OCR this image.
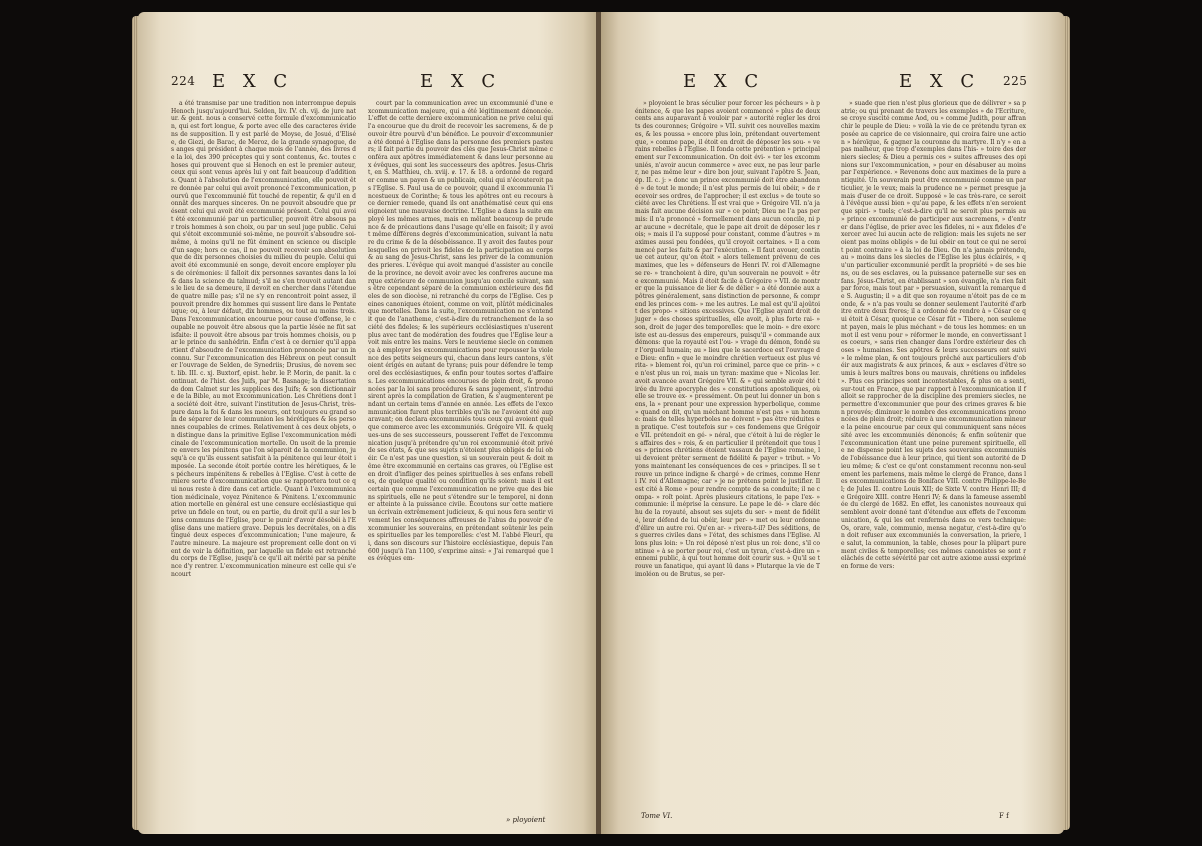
224 E X C	E X C

a été transmise par une tradition non interrompue depuis Henoch jusqu'aujourd'hui. Selden, liv. IV. ch. vij. de jure natur. & gent. nous a conservé cette formule d'excommunication, qui est fort longue, & porte avec elle des caracteres évidens de supposition. Il y est parlé de Moyse, de Josué, d'Elisée, de Giezi, de Barac, de Meroz, de la grande synagogue, des anges qui président à chaque mois de l'année, des livres de la loi, des 390 préceptes qui y sont contenus, &c. toutes choses qui prouvent que si Henoch en est le premier auteur, ceux qui sont venus après lui y ont fait beaucoup d'additions. Quant à l'absolution de l'excommunication, elle pouvoit être donnée par celui qui avoit prononcé l'excommunication, pourvû que l'excommunié fût touché de repentir, & qu'il en donnât des marques sinceres. On ne pouvoit absoudre que présent celui qui avoit été excommunié présent. Celui qui avoit été excommunié par un particulier, pouvoit être absous par trois hommes à son choix, ou par un seul juge public. Celui qui s'étoit excommunié soi-même, ne pouvoit s'absoudre soi-même, à moins qu'il ne fût éminent en science ou disciple d'un sage; hors ce cas, il ne pouvoit recevoir son absolution que de dix personnes choisies du milieu du peuple. Celui qui avoit été excommunié en songe, devoit encore employer plus de cérémonies: il falloit dix personnes savantes dans la loi & dans la science du talmud; s'il ne s'en trouvoit autant dans le lieu de sa demeure, il devoit en chercher dans l'étendue de quatre mille pas; s'il ne s'y en rencontroit point assez, il pouvoit prendre dix hommes qui sussent lire dans le Pentateuque; ou, à leur défaut, dix hommes, ou tout au moins trois. Dans l'excommunication encourue pour cause d'offense, le coupable ne pouvoit être absous que la partie lésée ne fût satisfaite: il pouvoit être absous par trois hommes choisis, ou par le prince du sanhédrin. Enfin c'est à ce dernier qu'il appartient d'absoudre de l'excommunication prononcée par un inconnu. Sur l'excommunication des Hébreux on peut consulter l'ouvrage de Selden, de Synedriis; Drusius, de novem sect. lib. III. c. xj. Buxtorf, epist. hebr. le P. Morin, de panit. la continuat. de l'hist. des Juifs, par M. Basnage; la dissertation de dom Calmet sur les supplices des Juifs; & son dictionnaire de la Bible, au mot Excommunication. Les Chrétiens dont la société doit être, suivant l'institution de Jesus-Christ, très-pure dans la foi & dans les moeurs, ont toujours eu grand soin de séparer de leur communion les hérétiques & les personnes coupables de crimes. Relativement à ces deux objets, on distingue dans la primitive Eglise l'excommunication médicinale de l'excommunication mortelle. On usoit de la premiere envers les pénitens que l'on séparoit de la communion, jusqu'à ce qu'ils eussent satisfait à la pénitence qui leur étoit imposée. La seconde étoit portée contre les hérétiques, & les pécheurs impénitens & rebelles à l'Eglise. C'est à cette derniere sorte d'excommunication que se rapportera tout ce qui nous reste à dire dans cet article. Quant à l'excommunication médicinale, voyez Pénitence & Pénitens. L'excommunication mortelle en général est une censure ecclésiastique qui prive un fidele en tout, ou en partie, du droit qu'il a sur les biens communs de l'Eglise, pour le punir d'avoir désobéi à l'Eglise dans une matiere grave. Depuis les decrétales, on a distingué deux especes d'excommunication; l'une majeure, & l'autre mineure. La majeure est proprement celle dont on vient de voir la définition, par laquelle un fidele est retranché du corps de l'Eglise, jusqu'à ce qu'il ait mérité par sa pénitence d'y rentrer. L'excommunication mineure est celle qui s'encourt

court par la communication avec un excommunié d'une excommunication majeure, qui a été légitimement dénoncée. L'effet de cette derniere excommunication ne prive celui qui l'a encourue que du droit de recevoir les sacremens, & de pouvoir être pourvû d'un bénéfice. Le pouvoir d'excommunier a été donné à l'Eglise dans la personne des premiers pasteurs; il fait partie du pouvoir des clés que Jesus-Christ même conféra aux apôtres immédiatement & dans leur personne aux évêques, qui sont les successeurs des apôtres. Jesus-Christ, en S. Matthieu, ch. xviij. ꝟ. 17. & 18. a ordonné de regarder comme un payen & un publicain, celui qui n'écouteroit pas l'Eglise. S. Paul usa de ce pouvoir, quand il excommunia l'incestueux de Corinthe; & tous les apôtres ont eu recours à ce dernier remede, quand ils ont anathématisé ceux qui enseignoient une mauvaise doctrine. L'Eglise a dans la suite employé les mêmes armes, mais en mêlant beaucoup de prudence & de précautions dans l'usage qu'elle en faisoit; il y avoit même différens degrés d'excommunication, suivant la nature du crime & de la désobéissance. Il y avoit des fautes pour lesquelles on privoit les fideles de la participation au corps & au sang de Jesus-Christ, sans les priver de la communion des prieres. L'évêque qui avoit manqué d'assister au concile de la province, ne devoit avoir avec les confreres aucune marque extérieure de communion jusqu'au concile suivant, sans être cependant séparé de la communion extérieure des fideles de son diocèse, ni retranché du corps de l'Eglise. Ces peines canoniques étoient, comme on voit, plûtôt médicinales que mortelles. Dans la suite, l'excommunication ne s'entendit que de l'anatheme, c'est-à-dire du retranchement de la société des fideles; & les supérieurs ecclésiastiques n'userent plus avec tant de modération des foudres que l'Eglise leur avoit mis entre les mains. Vers le neuvieme siecle on commença à employer les excommunications pour repousser la violence des petits seigneurs qui, chacun dans leurs cantons, s'étoient érigés en autant de tyrans; puis pour défendre le temporel des ecclésiastiques, & enfin pour toutes sortes d'affaires. Les excommunications encourues de plein droit, & prononcées par la loi sans procédures & sans jugement, s'introduisirent après la compilation de Gratien, & s'augmenterent pendant un certain tems d'année en année. Les effets de l'excommunication furent plus terribles qu'ils ne l'avoient été auparavant; on declara excommuniés tous ceux qui avoient quelque commerce avec les excommuniés. Grégoire VII. & quelques-uns de ses successeurs, pousserent l'effet de l'excommunication jusqu'à prétendre qu'un roi excommunié étoit privé de ses états, & que ses sujets n'étoient plus obligés de lui obéir. Ce n'est pas une question, si un souverain peut & doit même être excommunié en certains cas graves, où l'Eglise est en droit d'infliger des peines spirituelles à ses enfans rebelles, de quelque qualité ou condition qu'ils soient: mais il est certain que comme l'excommunication ne prive que des biens spirituels, elle ne peut s'étendre sur le temporel, ni donner atteinte à la puissance civile. Écoutons sur cette matiere un écrivain extrêmement judicieux, & qui nous fera sentir vivement les conséquences affreuses de l'abus du pouvoir d'excommunier les souverains, en prétendant soûtenir les peines spirituelles par les temporelles: c'est M. l'abbé Fleuri, qui, dans son discours sur l'histoire ecclésiastique, depuis l'an 600 jusqu'à l'an 1100, s'exprime ainsi: « J'ai remarqué que les évêques em-

» ployoient
E X C	E X C 225

» ployoient le bras séculier pour forcer les pécheurs » à pénitence, & que les papes avoient commencé » plus de deux cents ans auparavant à vouloir par » autorité regler les droits des couronnes; Grégoire » VII. suivit ces nouvelles maximes, & les poussa » encore plus loin, prétendant ouvertement que, » comme pape, il étoit en droit de déposer les sou- » verains rebelles à l'Eglise. Il fonda cette prétention » principalement sur l'excommunication. On doit évi- » ter les excommuniés, n'avoir aucun commerce » avec eux, ne pas leur parler, ne pas même leur » dire bon jour, suivant l'apôtre S. Jean, ép. II. c. j: » donc un prince excommunié doit être abandonné » de tout le monde; il n'est plus permis de lui obéir, » de recevoir ses ordres, de l'approcher; il est exclus » de toute société avec les Chrétiens. Il est vrai que » Grégoire VII. n'a jamais fait aucune décision sur » ce point; Dieu ne l'a pas permis: il n'a prononcé » formellement dans aucun concile, ni par aucune » decrétale, que le pape ait droit de déposer les rois; » mais il l'a supposé pour constant, comme d'autres » maximes aussi peu fondées, qu'il croyoit certaines. » Il a commencé par les faits & par l'exécution. » Il faut avouer, continue cet auteur, qu'on étoit » alors tellement prévenu de ces maximes, que les » défenseurs de Henri IV. roi d'Allemagne se re- » tranchoient à dire, qu'un souverain ne pouvoit » être excommunié. Mais il étoit facile à Grégoire » VII. de montrer que la puissance de lier & de délier » a été donnée aux apôtres généralement, sans distinction de personne, & comprend les princes com- » me les autres. Le mal est qu'il ajoûtoit des propo- » sitions excessives. Que l'Eglise ayant droit de juger » des choses spirituelles, elle avoit, à plus forte rai- » son, droit de juger des temporelles: que le moin- » dre exorciste est au-dessus des empereurs, puisqu'il » commande aux démons: que la royauté est l'ou- » vrage du démon, fondé sur l'orgueil humain; au » lieu que le sacerdoce est l'ouvrage de Dieu: enfin » que le moindre chrétien vertueux est plus vérita- » blement roi, qu'un roi criminel, parce que ce prin- » ce n'est plus un roi, mais un tyran: maxime que » Nicolas Ier. avoit avancée avant Grégoire VII. & » qui semble avoir été tirée du livre apocryphe des » constitutions apostoliques, où elle se trouve ex- » pressément. On peut lui donner un bon sens, la » prenant pour une expression hyperbolique, comme » quand on dit, qu'un méchant homme n'est pas » un homme: mais de telles hyperboles ne doivent » pas être réduites en pratique. C'est toutefois sur » ces fondemens que Grégoire VII. prétendoit en gé- » néral, que c'étoit à lui de régler les affaires des » rois, & en particulier il prétendoit que tous les » princes chrétiens étoient vassaux de l'Eglise romaine, lui devoient prêter serment de fidélité & payer » tribut. » Voyons maintenant les conséquences de ces » principes. Il se trouve un prince indigne & chargé » de crimes, comme Henri IV. roi d'Allemagne; car » je ne prétens point le justifier. Il est cité à Rome » pour rendre compte de sa conduite; il ne compa- » roît point. Après plusieurs citations, le pape l'ex- » communie: il méprise la censure. Le pape le dé- » clare déchu de la royauté, absout ses sujets du ser- » ment de fidélité, leur défend de lui obéir, leur per- » met ou leur ordonne d'élire un autre roi. Qu'en ar- » rivera-t-il? Des séditions, des guerres civiles dans » l'état, des schismes dans l'Eglise. Allons plus loin: » Un roi déposé n'est plus un roi: donc, s'il continue » à se porter pour roi, c'est un tyran, c'est-à-dire un » ennemi public, à qui tout homme doit courir sus. » Qu'il se trouve un fanatique, qui ayant lû dans » Plutarque la vie de Timoléon ou de Brutus, se per-

» suade que rien n'est plus glorieux que de délivrer » sa patrie; ou qui prenant de travers les exemples » de l'Ecriture, se croye suscité comme Aod, ou » comme Judith, pour affranchir le peuple de Dieu: » voilà la vie de ce prétendu tyran exposée au caprice de ce visionnaire, qui croira faire une action » héroïque, & gagner la couronne du martyre. Il n'y » en a pas malheur, que trop d'exemples dans l'his- » toire des derniers siecles; & Dieu a permis ces » suites affreuses des opinions sur l'excommunication, » pour en désabuser au moins par l'expérience. » Revenons donc aux maximes de la pure antiquité. Un souverain peut être excommunié comme un particulier, je le veux; mais la prudence ne » permet presque jamais d'user de ce droit. Supposé » le cas très-rare, ce seroit à l'évêque aussi bien » qu'au pape, & les effets n'en seroient que spiri- » tuels; c'est-à-dire qu'il ne seroit plus permis au » prince excommunié de participer aux sacremens, » d'entrer dans l'église, de prier avec les fideles, ni » aux fideles d'exercer avec lui aucun acte de religion: mais les sujets ne seroient pas moins obligés » de lui obéir en tout ce qui ne seroit point contraire » à la loi de Dieu. On n'a jamais prétendu, au » moins dans les siecles de l'Eglise les plus éclairés, » qu'un particulier excommunié perdît la propriété » de ses biens, ou de ses esclaves, ou la puissance paternelle sur ses enfans. Jésus-Christ, en établissant » son évangile, n'a rien fait par force, mais tout par » persuasion, suivant la remarque de S. Augustin; il » a dit que son royaume n'étoit pas de ce monde, & » n'a pas voulu se donner seulement l'autorité d'arbitre entre deux freres; il a ordonné de rendre à » César ce qui étoit à César, quoique ce César fût » Tibere, non seulement payen, mais le plus méchant » de tous les hommes: en un mot il est venu pour » réformer le monde, en convertissant les coeurs, » sans rien changer dans l'ordre extérieur des choses » humaines. Ses apôtres & leurs successeurs ont suivi » le même plan, & ont toujours prêché aux particuliers d'obéir aux magistrats & aux princes, & aux » esclaves d'être soumis à leurs maîtres bons ou mauvais, chrétiens ou infideles ». Plus ces principes sont incontestables, & plus on a senti, sur-tout en France, que par rapport à l'excommunication il falloit se rapprocher de la discipline des premiers siecles, ne permettre d'excommunier que pour des crimes graves & bien prouvés; diminuer le nombre des excommunications prononcées de plein droit; réduire à une excommunication mineure la peine encourue par ceux qui communiquent sans nécessité avec les excommuniés dénoncés; & enfin soûtenir que l'excommunication étant une peine purement spirituelle, elle ne dispense point les sujets des souverains excommuniés de l'obéissance due à leur prince, qui tient son autorité de Dieu même; & c'est ce qu'ont constamment reconnu non-seulement les parlemens, mais même le clergé de France, dans les excommunications de Boniface VIII. contre Philippe-le-Bel; de Jules II. contre Louis XII; de Sixte V. contre Henri III; de Grégoire XIII. contre Henri IV; & dans la fameuse assemblée du clergé de 1682. En effet, les canonistes nouveaux qui semblent avoir donné tant d'étendue aux effets de l'excommunication, & qui les ont renfermés dans ce vers technique: Os, orare, vale, communio, mensa negatur, c'est-à-dire qu'on doit refuser aux excommuniés la conversation, la priere, le salut, la communion, la table, choses pour la plûpart purement civiles & temporelles; ces mêmes canonistes se sont relâchés de cette sévérité par cet autre axiome aussi exprimé en forme de vers:

Tome VI.	F f
